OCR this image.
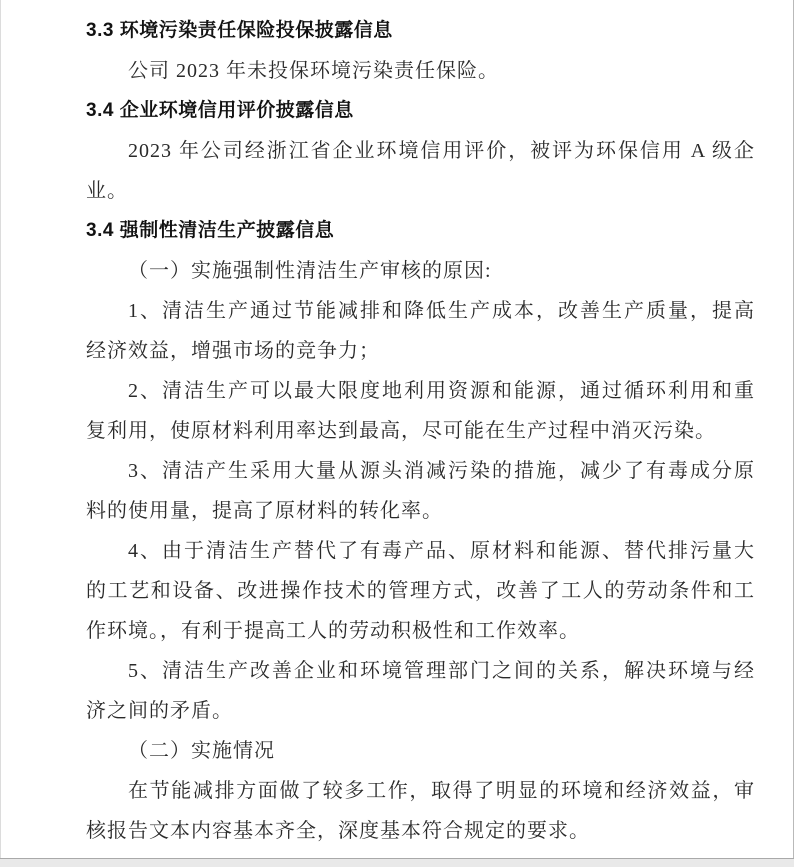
3.3 环境污染责任保险投保披露信息
公司 2023 年未投保环境污染责任保险。
3.4 企业环境信用评价披露信息
2023 年公司经浙江省企业环境信用评价，被评为环保信用 A 级企
业。
3.4 强制性清洁生产披露信息
（一）实施强制性清洁生产审核的原因:
1、清洁生产通过节能减排和降低生产成本，改善生产质量，提高
经济效益，增强市场的竞争力；
2、清洁生产可以最大限度地利用资源和能源，通过循环利用和重
复利用，使原材料利用率达到最高，尽可能在生产过程中消灭污染。
3、清洁产生采用大量从源头消减污染的措施，减少了有毒成分原
料的使用量，提高了原材料的转化率。
4、由于清洁生产替代了有毒产品、原材料和能源、替代排污量大
的工艺和设备、改进操作技术的管理方式，改善了工人的劳动条件和工
作环境。，有利于提高工人的劳动积极性和工作效率。
5、清洁生产改善企业和环境管理部门之间的关系，解决环境与经
济之间的矛盾。
（二）实施情况
在节能减排方面做了较多工作，取得了明显的环境和经济效益，审
核报告文本内容基本齐全，深度基本符合规定的要求。
